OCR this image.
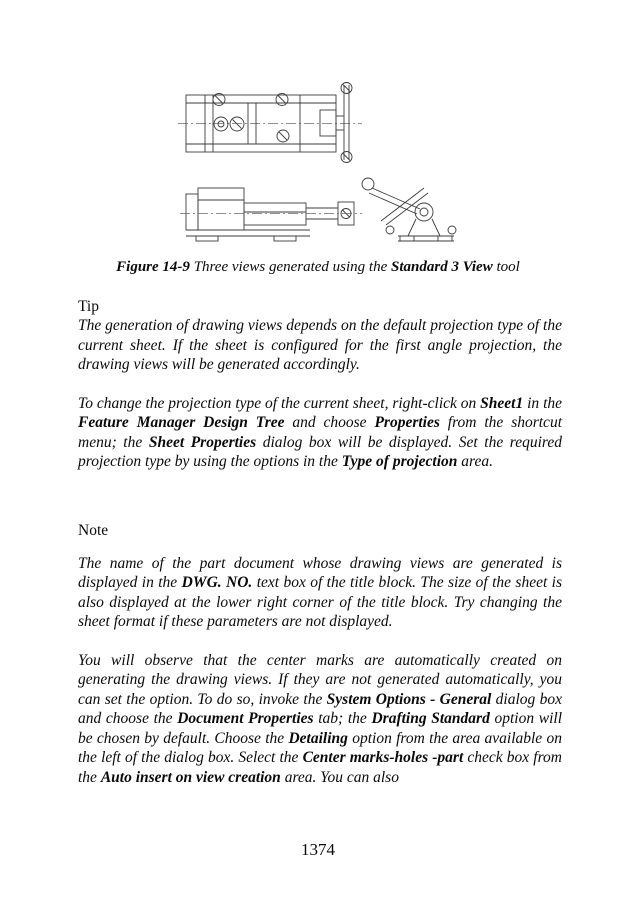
Figure 14-9 Three views generated using the Standard 3 View tool
Tip

The generation of drawing views depends on the default projection type of the current sheet. If the sheet is configured for the first angle projection, the drawing views will be generated accordingly.

To change the projection type of the current sheet, right-click on Sheet1 in the Feature Manager Design Tree and choose Properties from the shortcut menu; the Sheet Properties dialog box will be displayed. Set the required projection type by using the options in the Type of projection area.

Note

The name of the part document whose drawing views are generated is displayed in the DWG. NO. text box of the title block. The size of the sheet is also displayed at the lower right corner of the title block. Try changing the sheet format if these parameters are not displayed.

You will observe that the center marks are automatically created on generating the drawing views. If they are not generated automatically, you can set the option. To do so, invoke the System Options - General dialog box and choose the Document Properties tab; the Drafting Standard option will be chosen by default. Choose the Detailing option from the area available on the left of the dialog box. Select the Center marks-holes -part check box from the Auto insert on view creation area. You can also

1374
